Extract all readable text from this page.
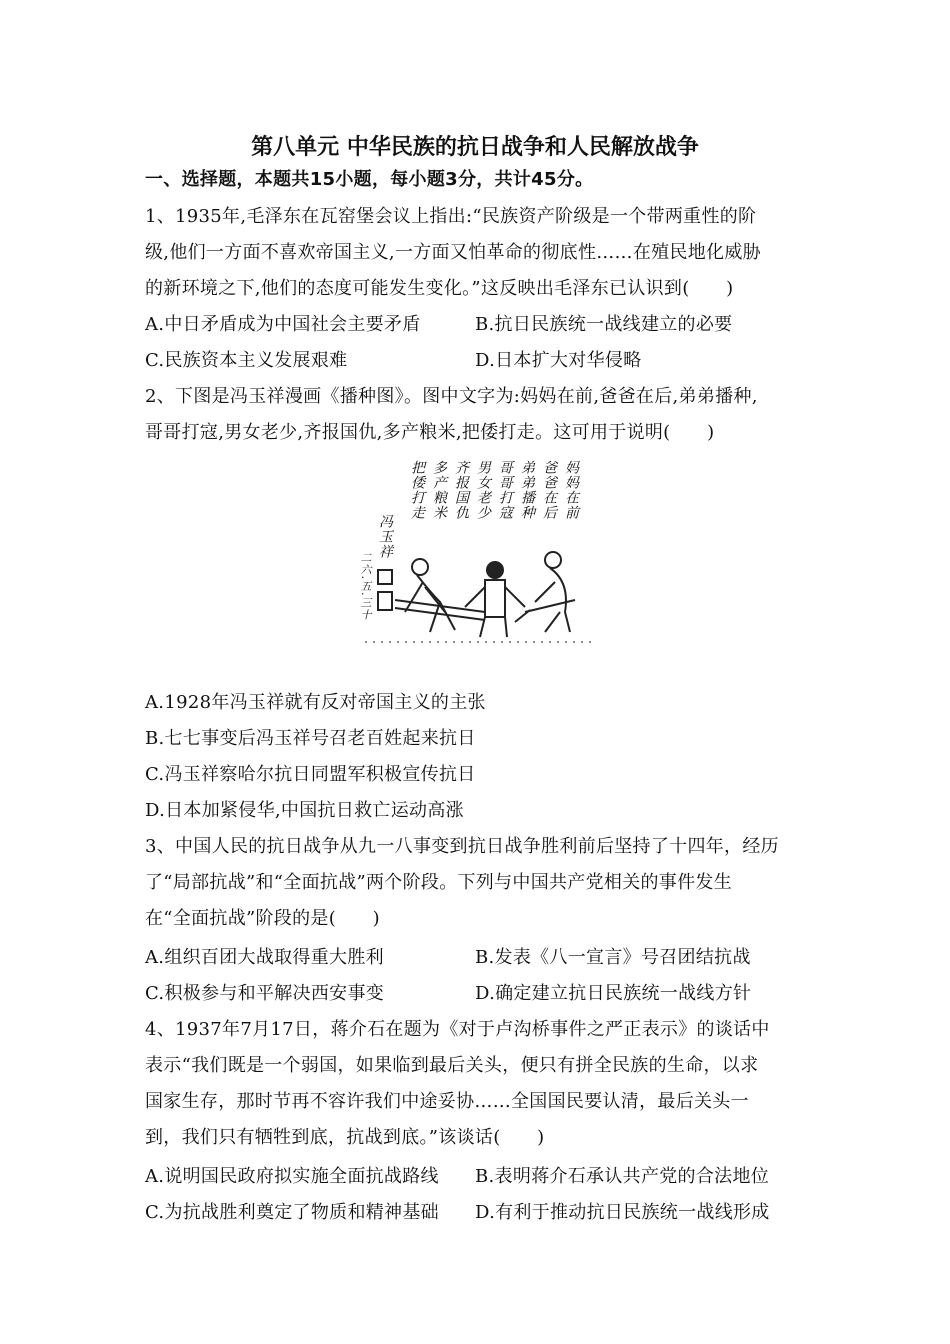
第八单元 中华民族的抗日战争和人民解放战争
一、选择题，本题共15小题，每小题3分，共计45分。
1、1935年,毛泽东在瓦窑堡会议上指出:“民族资产阶级是一个带两重性的阶
级,他们一方面不喜欢帝国主义,一方面又怕革命的彻底性……在殖民地化威胁
的新环境之下,他们的态度可能发生变化。”这反映出毛泽东已认识到(　　)
A.中日矛盾成为中国社会主要矛盾	B.抗日民族统一战线建立的必要
C.民族资本主义发展艰难	D.日本扩大对华侵略
2、下图是冯玉祥漫画《播种图》。图中文字为:妈妈在前,爸爸在后,弟弟播种,
哥哥打寇,男女老少,齐报国仇,多产粮米,把倭打走。这可用于说明(　　)
妈妈在前
爸爸在后
弟弟播种
哥哥打寇
男女老少
齐报国仇
多产粮米
把倭打走
冯玉祥
二六.五.三十
A.1928年冯玉祥就有反对帝国主义的主张
B.七七事变后冯玉祥号召老百姓起来抗日
C.冯玉祥察哈尔抗日同盟军积极宣传抗日
D.日本加紧侵华,中国抗日救亡运动高涨
3、中国人民的抗日战争从九一八事变到抗日战争胜利前后坚持了十四年，经历
了“局部抗战”和“全面抗战”两个阶段。下列与中国共产党相关的事件发生
在“全面抗战”阶段的是(　　)
A.组织百团大战取得重大胜利	B.发表《八一宣言》号召团结抗战
C.积极参与和平解决西安事变	D.确定建立抗日民族统一战线方针
4、1937年7月17日，蒋介石在题为《对于卢沟桥事件之严正表示》的谈话中
表示“我们既是一个弱国，如果临到最后关头，便只有拼全民族的生命，以求
国家生存，那时节再不容许我们中途妥协……全国国民要认清，最后关头一
到，我们只有牺牲到底，抗战到底。”该谈话(　　)
A.说明国民政府拟实施全面抗战路线 B.表明蒋介石承认共产党的合法地位
C.为抗战胜利奠定了物质和精神基础 D.有利于推动抗日民族统一战线形成
